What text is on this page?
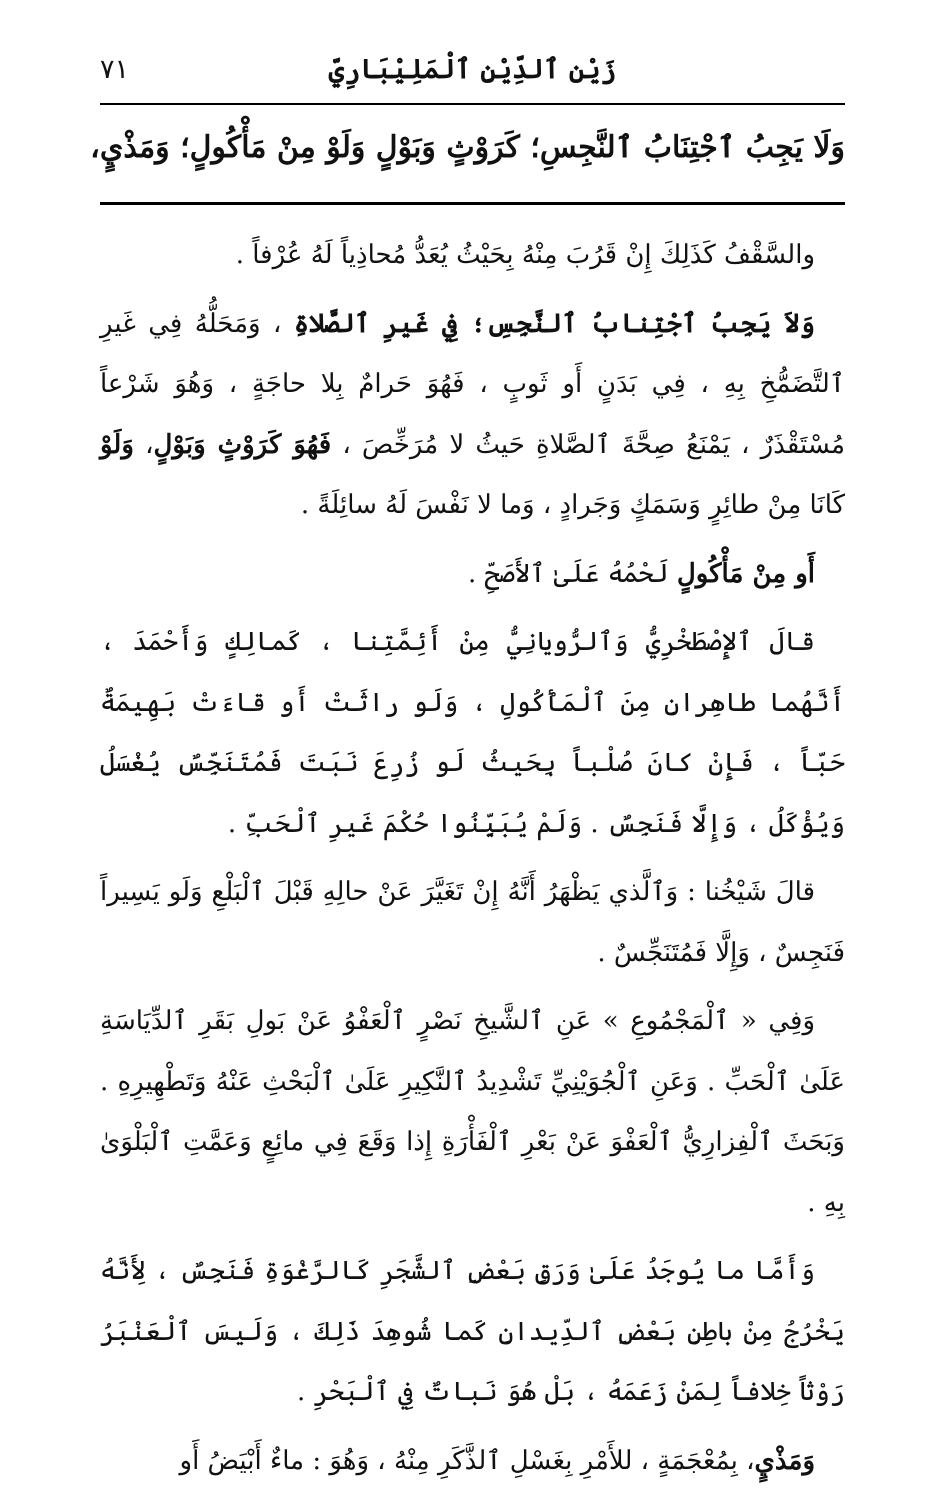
زَيْن ٱلدِّيْنِ ٱلْمَلِيْبَارِيّ
٧١
وَلَا يَجِبُ ٱجْتِنَابُ ٱلنَّجِسِ؛ كَرَوْثٍ وَبَوْلٍ وَلَوْ مِنْ مَأْكُولٍ؛ وَمَذْيٍ،

والسَّقْفُ كَذَلِكَ إِنْ قَرُبَ مِنْهُ بِحَيْثُ يُعَدُّ مُحاذِياً لَهُ عُرْفاً .

وَلاَ يَجِبُ ٱجْتِنابُ ٱلنَّجِسِ؛ فِي غَيرِ ٱلصَّلاةِ ، وَمَحَلُّهُ فِي غَيرِ ٱلتَّضَمُّخِ بِهِ ، فِي بَدَنٍ أَو ثَوبٍ ، فَهُوَ حَرامٌ بِلا حاجَةٍ ، وَهُوَ شَرْعاً مُسْتَقْذَرٌ ، يَمْنَعُ صِحَّةَ ٱلصَّلاةِ حَيثُ لا مُرَخِّصَ ، فَهُوَ كَرَوْثٍ وَبَوْلٍ، وَلَوْ كَانَا مِنْ طائِرٍ وَسَمَكٍ وَجَرادٍ ، وَما لا نَفْسَ لَهُ سائِلَةً .

أَو مِنْ مَأْكُولٍ لَحْمُهُ عَلَىٰ ٱلأَصَحِّ .

قالَ ٱلإِصْطَخْرِيُّ وَٱلرُّويانِيُّ مِنْ أَئِمَّتِنا ، كَمالِكٍ وَأَحْمَدَ ، أَنَّهُما طاهِرانِ مِنَ ٱلْمَأْكُولِ ، وَلَو راثَتْ أَو قاءَتْ بَهِيمَةٌ حَبّاً ، فَإِنْ كانَ صُلْباً بِحَيثُ لَو زُرِعَ نَبَتَ فَمُتَنَجِّسٌ يُغْسَلُ وَيُؤْكَلُ ، وَإِلَّا فَنَجِسٌ . وَلَمْ يُبَيِّنُوا حُكْمَ غَيرِ ٱلْحَبِّ .

قالَ شَيْخُنا : وَٱلَّذي يَظْهَرُ أَنَّهُ إِنْ تَغَيَّرَ عَنْ حالِهِ قَبْلَ ٱلْبَلْعِ وَلَو يَسِيراً فَنَجِسٌ ، وَإِلَّا فَمُتَنَجِّسٌ .

وَفِي « ٱلْمَجْمُوعِ » عَنِ ٱلشَّيخِ نَصْرٍ ٱلْعَفْوُ عَنْ بَولِ بَقَرِ ٱلدِّيَاسَةِ عَلَىٰ ٱلْحَبِّ . وَعَنِ ٱلْجُوَيْنِيِّ تَشْدِيدُ ٱلنَّكِيرِ عَلَىٰ ٱلْبَحْثِ عَنْهُ وَتَطْهِيرِهِ . وَبَحَثَ ٱلْفِزارِيُّ ٱلْعَفْوَ عَنْ بَعْرِ ٱلْفَأْرَةِ إِذا وَقَعَ فِي مائِعٍ وَعَمَّتِ ٱلْبَلْوَىٰ بِهِ .

وَأَمَّا ما يُوجَدُ عَلَىٰ وَرَقِ بَعْضِ ٱلشَّجَرِ كَالرَّغْوَةِ فَنَجِسٌ ، لِأَنَّهُ يَخْرُجُ مِنْ باطِنِ بَعْضِ ٱلدِّيدانِ كَما شُوهِدَ ذَلِكَ ، وَلَيسَ ٱلْعَنْبَرُ رَوْثاً خِلافاً لِمَنْ زَعَمَهُ ، بَلْ هُوَ نَباتٌ فِي ٱلْبَحْرِ .

وَمَذْيٍ، بِمُعْجَمَةٍ ، للأَمْرِ بِغَسْلِ ٱلذَّكَرِ مِنْهُ ، وَهُوَ : ماءٌ أَبْيَضُ أَو
